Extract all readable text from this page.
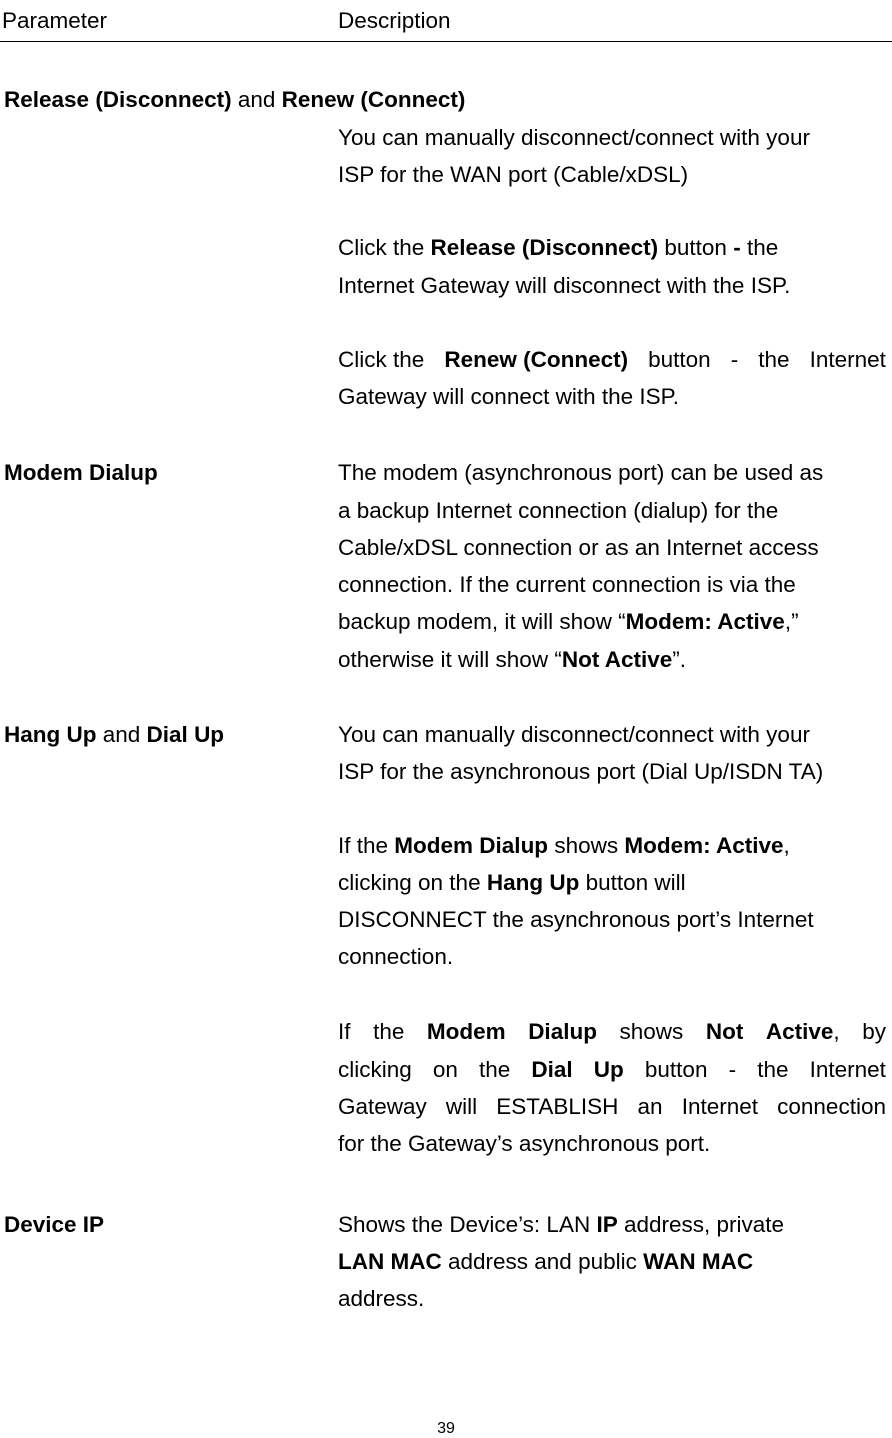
Parameter	Description
Release (Disconnect) and Renew (Connect)
You can manually disconnect/connect with your
ISP for the WAN port (Cable/xDSL)
Click the Release (Disconnect) button - the
Internet Gateway will disconnect with the ISP.
Click the Renew (Connect) button - the Internet
Gateway will connect with the ISP.
Modem Dialup	The modem (asynchronous port) can be used as
a backup Internet connection (dialup) for the
Cable/xDSL connection or as an Internet access
connection. If the current connection is via the
backup modem, it will show “Modem: Active,”
otherwise it will show “Not Active”.
Hang Up and Dial Up	You can manually disconnect/connect with your
ISP for the asynchronous port (Dial Up/ISDN TA)
If the Modem Dialup shows Modem: Active,
clicking on the Hang Up button will
DISCONNECT the asynchronous port’s Internet
connection.
If the Modem Dialup shows Not Active, by
clicking on the Dial Up button - the Internet
Gateway will ESTABLISH an Internet connection
for the Gateway’s asynchronous port.
Device IP	Shows the Device’s: LAN IP address, private
LAN MAC address and public WAN MAC
address.
39
